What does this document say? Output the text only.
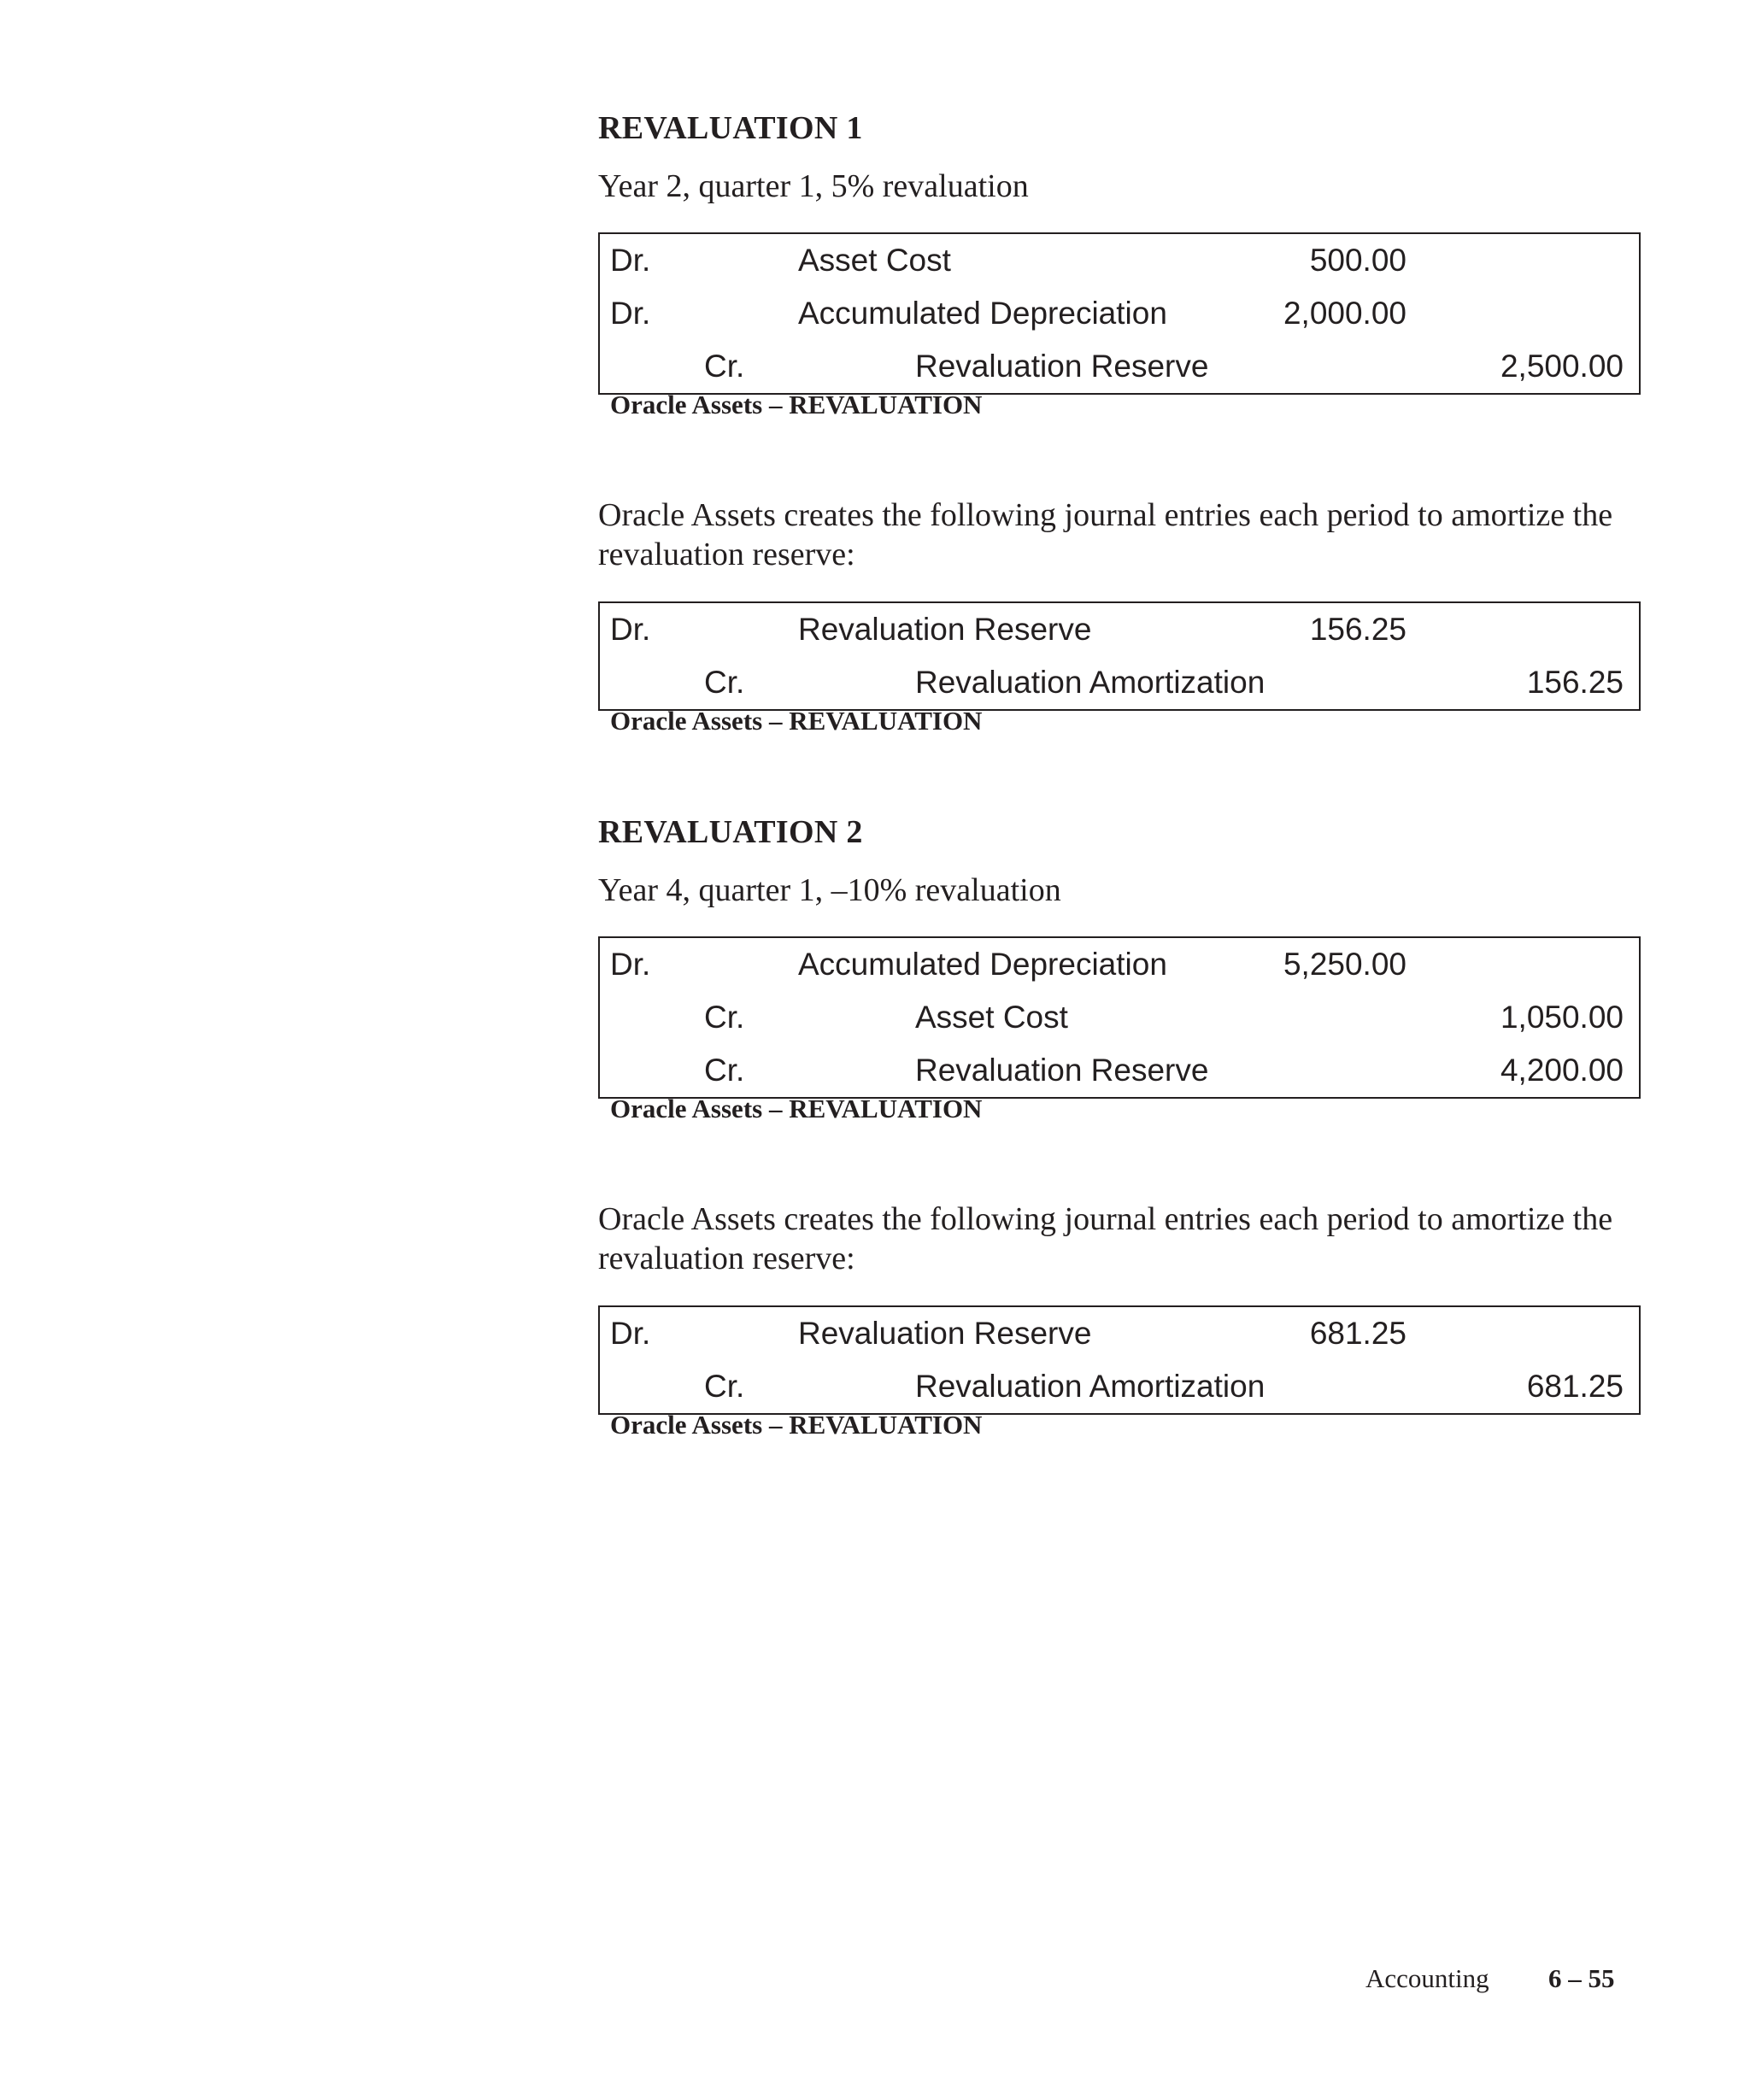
REVALUATION 1
Year 2, quarter 1, 5% revaluation
Dr.	Asset Cost	500.00
Dr.	Accumulated Depreciation	2,000.00
Cr.	Revaluation Reserve	2,500.00
Oracle Assets – REVALUATION
Oracle Assets creates the following journal entries each period to amortize the revaluation reserve:
Dr.	Revaluation Reserve	156.25
Cr.	Revaluation Amortization	156.25
Oracle Assets – REVALUATION
REVALUATION 2
Year 4, quarter 1, –10% revaluation
Dr.	Accumulated Depreciation	5,250.00
Cr.	Asset Cost	1,050.00
Cr.	Revaluation Reserve	4,200.00
Oracle Assets – REVALUATION
Oracle Assets creates the following journal entries each period to amortize the revaluation reserve:
Dr.	Revaluation Reserve	681.25
Cr.	Revaluation Amortization	681.25
Oracle Assets – REVALUATION
Accounting 6 – 55
